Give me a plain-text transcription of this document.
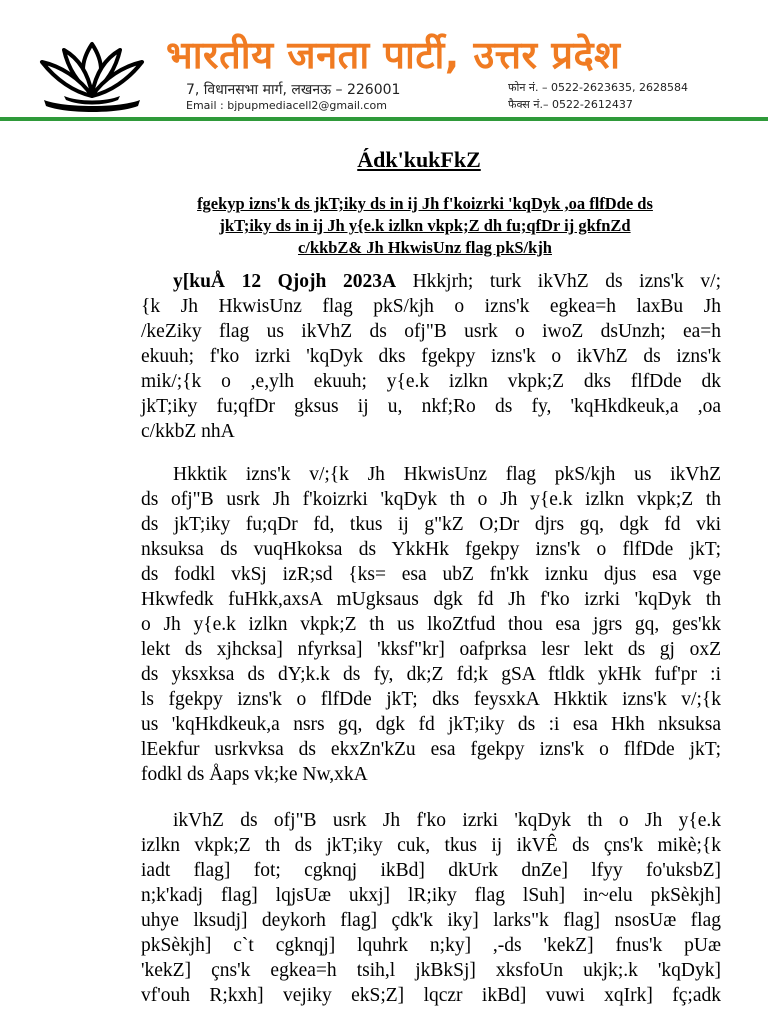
भारतीय जनता पार्टी, उत्तर प्रदेश
7, विधानसभा मार्ग, लखनऊ – 226001
Email : bjpupmediacell2@gmail.com
फोन नं. – 0522-2623635, 2628584
फैक्स नं.– 0522-2612437
Ádk'kukFkZ
fgekyp izns'k ds jkT;iky ds in ij Jh f'koizrki 'kqDyk ,oa flfDde ds
jkT;iky ds in ij Jh y{e.k izlkn vkpk;Z dh fu;qfDr ij gkfnZd
c/kkbZ& Jh HkwisUnz flag pkS/kjh
y[kuÅ 12 Qjojh 2023A Hkkjrh; turk ikVhZ ds izns'k v/;
{k Jh HkwisUnz flag pkS/kjh o izns'k egkea=h laxBu Jh
/keZiky flag us ikVhZ ds ofj"B usrk o iwoZ dsUnzh; ea=h
ekuuh; f'ko izrki 'kqDyk dks fgekpy izns'k o ikVhZ ds izns'k
mik/;{k o ,e,ylh ekuuh; y{e.k izlkn vkpk;Z dks flfDde dk
jkT;iky fu;qfDr gksus ij u, nkf;Ro ds fy, 'kqHkdkeuk,a ,oa
c/kkbZ nhA
Hkktik izns'k v/;{k Jh HkwisUnz flag pkS/kjh us ikVhZ
ds ofj"B usrk Jh f'koizrki 'kqDyk th o Jh y{e.k izlkn vkpk;Z th
ds jkT;iky fu;qDr fd, tkus ij g"kZ O;Dr djrs gq, dgk fd vki
nksuksa ds vuqHkoksa ds YkkHk fgekpy izns'k o flfDde jkT;
ds fodkl vkSj izR;sd {ks= esa ubZ fn'kk iznku djus esa vge
Hkwfedk fuHkk,axsA mUgksaus dgk fd Jh f'ko izrki 'kqDyk th
o Jh y{e.k izlkn vkpk;Z th us lkoZtfud thou esa jgrs gq, ges'kk
lekt ds xjhcksa] nfyrksa] 'kksf"kr] oafprksa lesr lekt ds gj oxZ
ds yksxksa ds dY;k.k ds fy, dk;Z fd;k gSA ftldk ykHk fuf'pr :i
ls fgekpy izns'k o flfDde jkT; dks feysxkA Hkktik izns'k v/;{k
us 'kqHkdkeuk,a nsrs gq, dgk fd jkT;iky ds :i esa Hkh nksuksa
lEekfur usrkvksa ds ekxZn'kZu esa fgekpy izns'k o flfDde jkT;
fodkl ds Åaps vk;ke Nw,xkA
ikVhZ ds ofj"B usrk Jh f'ko izrki 'kqDyk th o Jh y{e.k
izlkn vkpk;Z th ds jkT;iky cuk, tkus ij ikVÊ ds çns'k mikè;{k
iadt flag] fot; cgknqj ikBd] dkUrk dnZe] lfyy fo'uksbZ]
n;k'kadj flag] lqjsUæ ukxj] lR;iky flag lSuh] in~elu pkSèkjh]
uhye lksudj] deykorh flag] çdk'k iky] larks"k flag] nsosUæ flag
pkSèkjh] c`t cgknqj] lquhrk n;ky] ,-ds 'kekZ] fnus'k pUæ
'kekZ] çns'k egkea=h tsih,l jkBkSj] xksfoUn ukjk;.k 'kqDyk]
vf'ouh R;kxh] vejiky ekS;Z] lqczr ikBd] vuwi xqIrk] fç;adk
